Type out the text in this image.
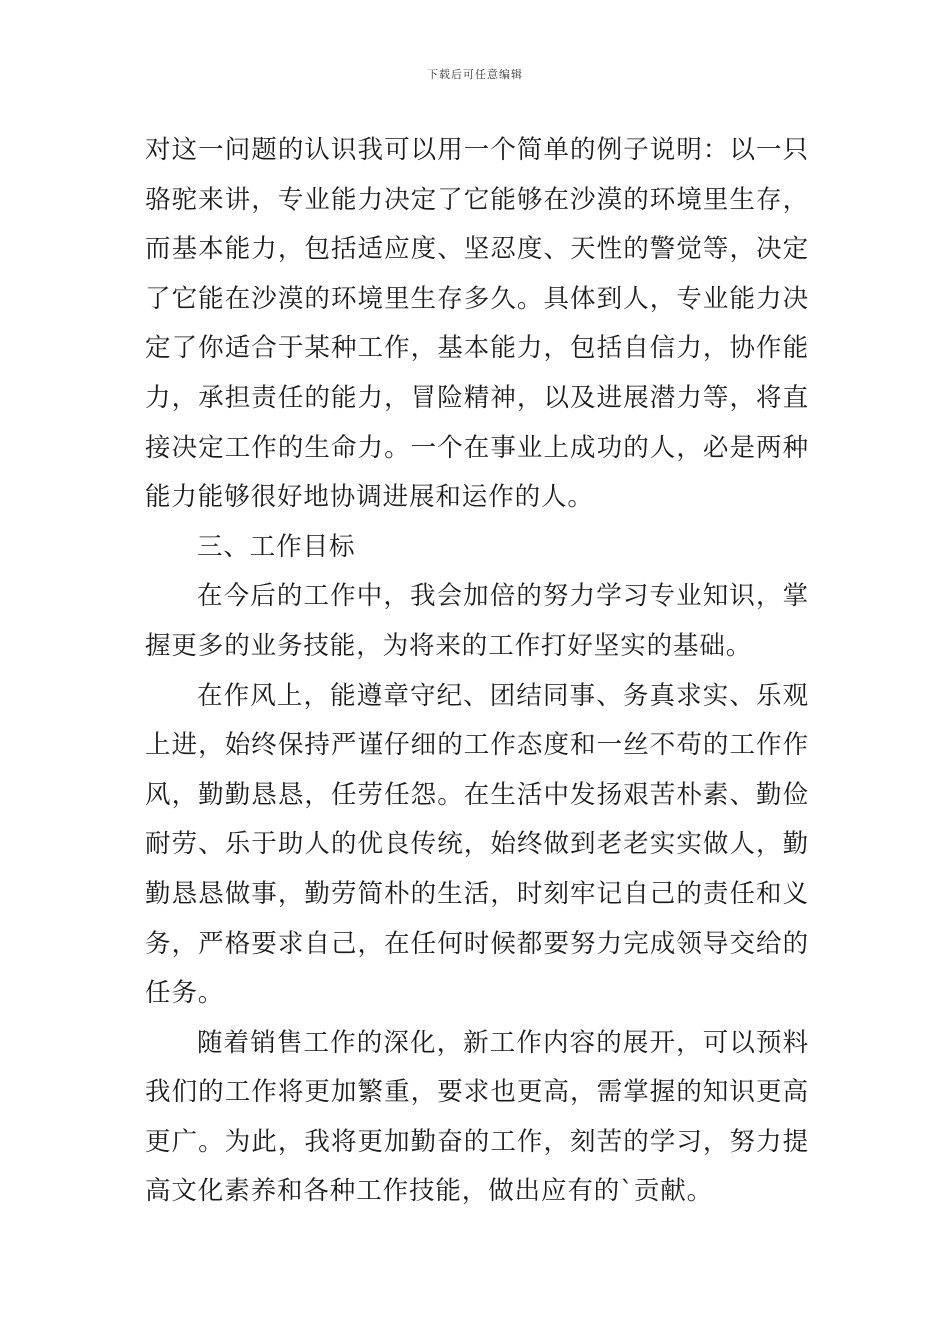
下载后可任意编辑

对这一问题的认识我可以用一个简单的例子说明：以一只骆驼来讲，专业能力决定了它能够在沙漠的环境里生存，而基本能力，包括适应度、坚忍度、天性的警觉等，决定了它能在沙漠的环境里生存多久。具体到人，专业能力决定了你适合于某种工作，基本能力，包括自信力，协作能力，承担责任的能力，冒险精神，以及进展潜力等，将直接决定工作的生命力。一个在事业上成功的人，必是两种能力能够很好地协调进展和运作的人。

三、工作目标

在今后的工作中，我会加倍的努力学习专业知识，掌握更多的业务技能，为将来的工作打好坚实的基础。

在作风上，能遵章守纪、团结同事、务真求实、乐观上进，始终保持严谨仔细的工作态度和一丝不苟的工作作风，勤勤恳恳，任劳任怨。在生活中发扬艰苦朴素、勤俭耐劳、乐于助人的优良传统，始终做到老老实实做人，勤勤恳恳做事，勤劳简朴的生活，时刻牢记自己的责任和义务，严格要求自己，在任何时候都要努力完成领导交给的任务。

随着销售工作的深化，新工作内容的展开，可以预料我们的工作将更加繁重，要求也更高，需掌握的知识更高更广。为此，我将更加勤奋的工作，刻苦的学习，努力提高文化素养和各种工作技能，做出应有的`贡献。
